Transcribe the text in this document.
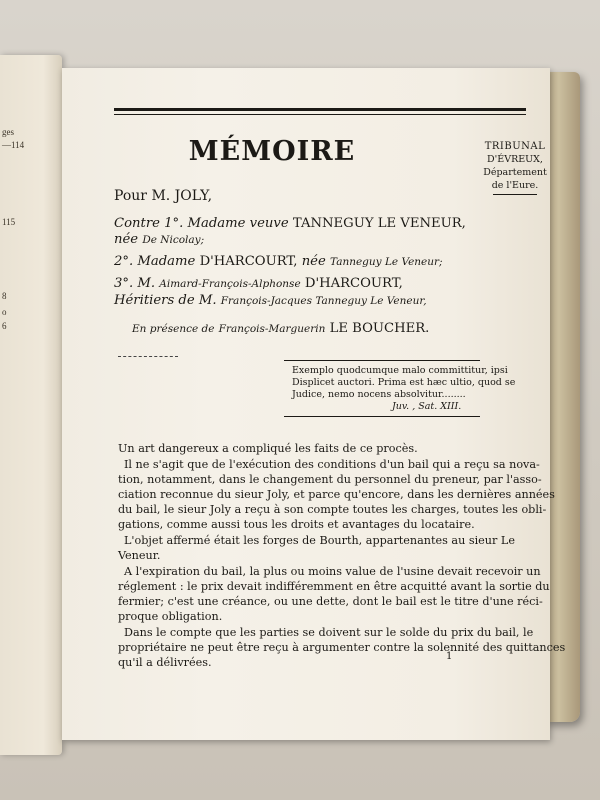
ges
—114
115
8
o
6
MÉMOIRE	TRIBUNAL
D'ÉVREUX,
Département
de l'Eure.
Pour M. JOLY,
Contre 1°. Madame veuve TANNEGUY LE VENEUR,
née De Nicolay;
2°. Madame D'HARCOURT, née Tanneguy Le Veneur;
3°. M. Aimard-François-Alphonse D'HARCOURT,
Héritiers de M. François-Jacques Tanneguy Le Veneur,
En présence de François-Marguerin LE BOUCHER.
Exemplo quodcumque malo committitur, ipsi
Displicet auctori. Prima est hæc ultio, quod se
Judice, nemo nocens absolvitur........
Juv. , Sat. XIII.
Un art dangereux a compliqué les faits de ce procès.
Il ne s'agit que de l'exécution des conditions d'un bail qui a reçu sa nova-
tion, notamment, dans le changement du personnel du preneur, par l'asso-
ciation reconnue du sieur Joly, et parce qu'encore, dans les dernières années
du bail, le sieur Joly a reçu à son compte toutes les charges, toutes les obli-
gations, comme aussi tous les droits et avantages du locataire.
L'objet affermé était les forges de Bourth, appartenantes au sieur Le
Veneur.
A l'expiration du bail, la plus ou moins value de l'usine devait recevoir un
réglement : le prix devait indifféremment en être acquitté avant la sortie du
fermier; c'est une créance, ou une dette, dont le bail est le titre d'une réci-
proque obligation.
Dans le compte que les parties se doivent sur le solde du prix du bail, le
propriétaire ne peut être reçu à argumenter contre la solennité des quittances
qu'il a délivrées.	1
